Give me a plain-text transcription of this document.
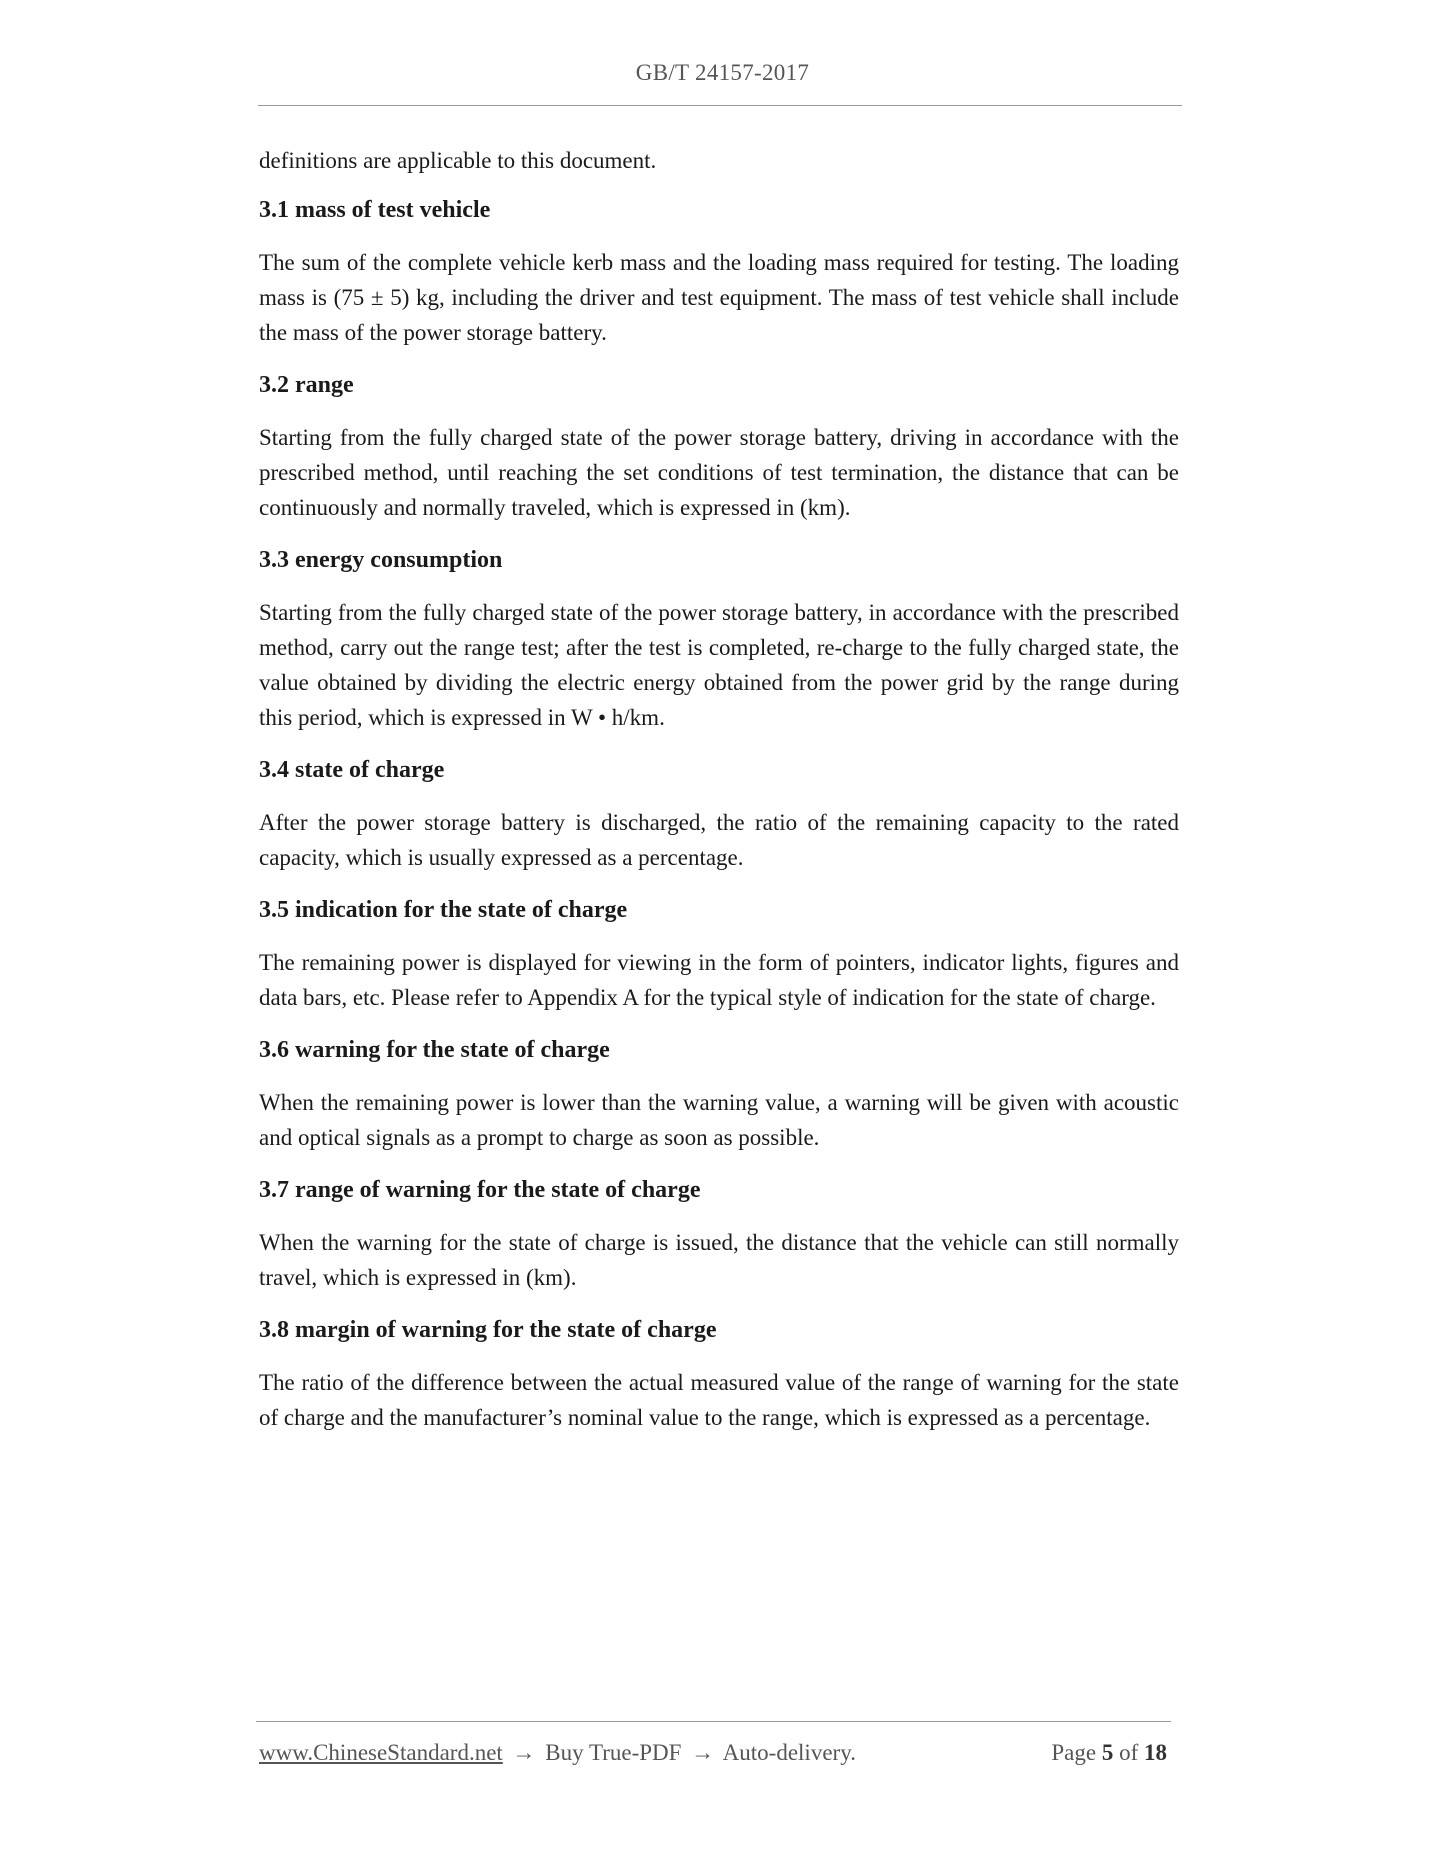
GB/T 24157-2017

definitions are applicable to this document.

3.1 mass of test vehicle

The sum of the complete vehicle kerb mass and the loading mass required for testing. The loading mass is (75 ± 5) kg, including the driver and test equipment. The mass of test vehicle shall include the mass of the power storage battery.

3.2 range

Starting from the fully charged state of the power storage battery, driving in accordance with the prescribed method, until reaching the set conditions of test termination, the distance that can be continuously and normally traveled, which is expressed in (km).

3.3 energy consumption

Starting from the fully charged state of the power storage battery, in accordance with the prescribed method, carry out the range test; after the test is completed, re-charge to the fully charged state, the value obtained by dividing the electric energy obtained from the power grid by the range during this period, which is expressed in W • h/km.

3.4 state of charge

After the power storage battery is discharged, the ratio of the remaining capacity to the rated capacity, which is usually expressed as a percentage.

3.5 indication for the state of charge

The remaining power is displayed for viewing in the form of pointers, indicator lights, figures and data bars, etc. Please refer to Appendix A for the typical style of indication for the state of charge.

3.6 warning for the state of charge

When the remaining power is lower than the warning value, a warning will be given with acoustic and optical signals as a prompt to charge as soon as possible.

3.7 range of warning for the state of charge

When the warning for the state of charge is issued, the distance that the vehicle can still normally travel, which is expressed in (km).

3.8 margin of warning for the state of charge

The ratio of the difference between the actual measured value of the range of warning for the state of charge and the manufacturer’s nominal value to the range, which is expressed as a percentage.

www.ChineseStandard.net → Buy True-PDF → Auto-delivery.	Page 5 of 18
